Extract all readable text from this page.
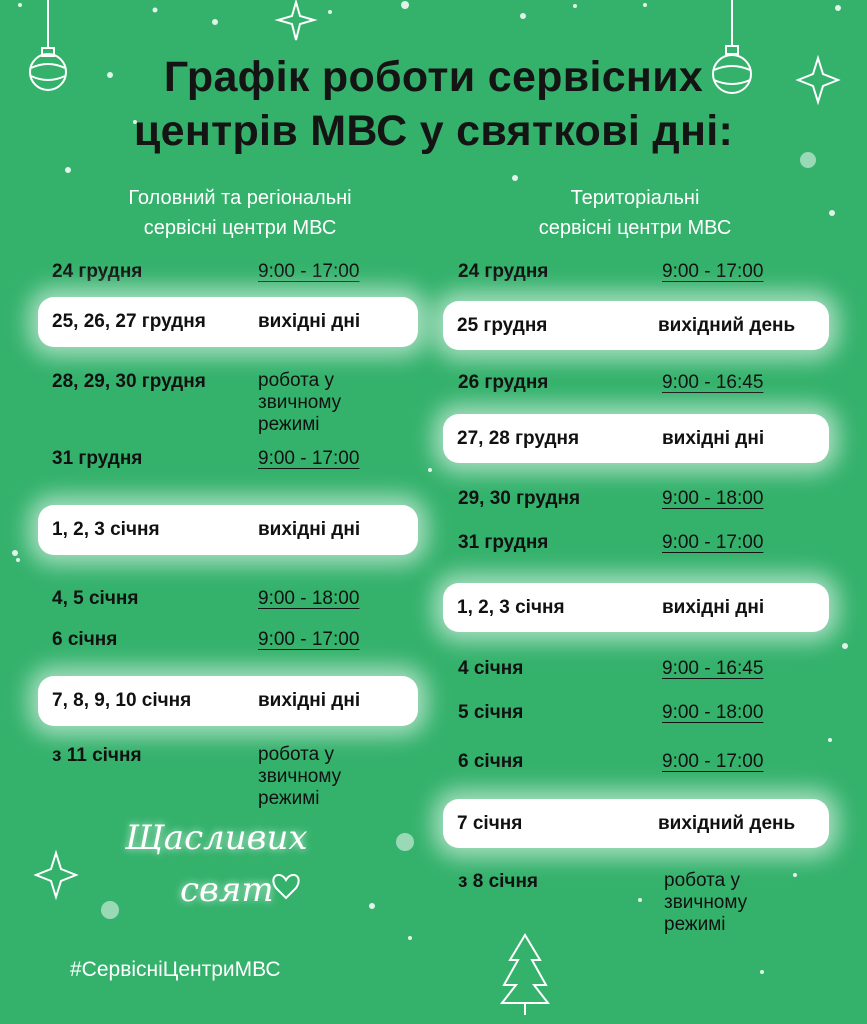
Графік роботи сервісних
центрів МВС у святкові дні:
Головний та регіональні
сервісні центри МВС
Територіальні
сервісні центри МВС
24 грудня	9:00 - 17:00
25, 26, 27 грудня	вихідні дні
28, 29, 30 грудня	робота у звичному режимі
31 грудня	9:00 - 17:00
1, 2, 3 січня	вихідні дні
4, 5 січня	9:00 - 18:00
6 січня	9:00 - 17:00
7, 8, 9, 10 січня	вихідні дні
з 11 січня	робота у звичному режимі
24 грудня	9:00 - 17:00
25 грудня	вихідний день
26 грудня	9:00 - 16:45
27, 28 грудня	вихідні дні
29, 30 грудня	9:00 - 18:00
31 грудня	9:00 - 17:00
1, 2, 3 січня	вихідні дні
4 січня	9:00 - 16:45
5 січня	9:00 - 18:00
6 січня	9:00 - 17:00
7 січня	вихідний день
з 8 січня	робота у звичному режимі
Щасливих
свят
#СервісніЦентриМВС
